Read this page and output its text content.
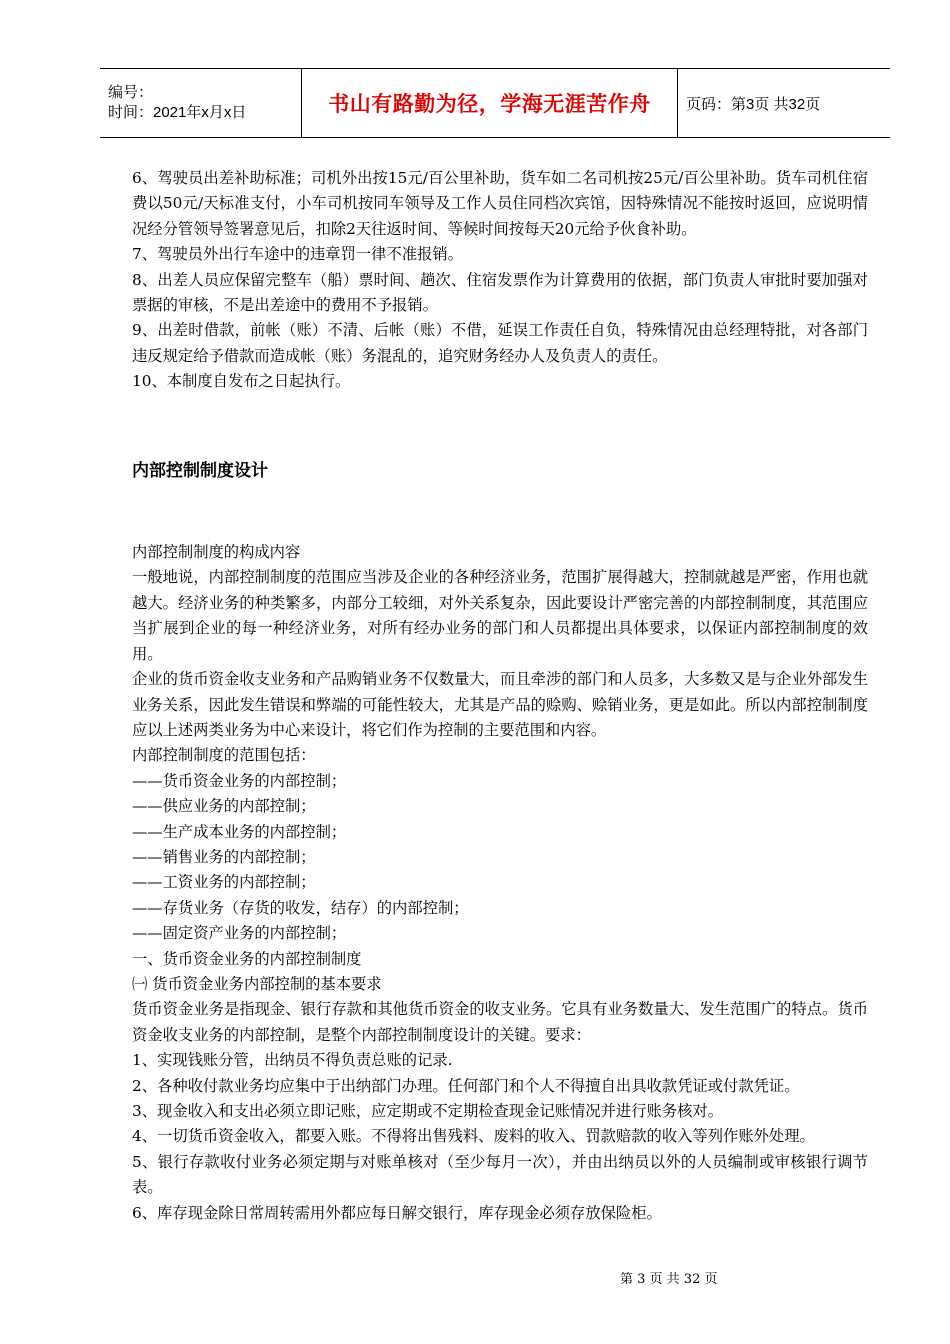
编号：
时间：2021年x月x日	书山有路勤为径，学海无涯苦作舟 页码：第3页 共32页

6、驾驶员出差补助标准；司机外出按15元/百公里补助，货车如二名司机按25元/百公里补助。货车司机住宿费以50元/天标准支付，小车司机按同车领导及工作人员住同档次宾馆，因特殊情况不能按时返回，应说明情况经分管领导签署意见后，扣除2天往返时间、等候时间按每天20元给予伙食补助。

7、驾驶员外出行车途中的违章罚一律不准报销。

8、出差人员应保留完整车（船）票时间、趟次、住宿发票作为计算费用的依据，部门负责人审批时要加强对票据的审核，不是出差途中的费用不予报销。

9、出差时借款，前帐（账）不清、后帐（账）不借，延误工作责任自负，特殊情况由总经理特批，对各部门违反规定给予借款而造成帐（账）务混乱的，追究财务经办人及负责人的责任。

10、本制度自发布之日起执行。

内部控制制度设计

内部控制制度的构成内容

一般地说，内部控制制度的范围应当涉及企业的各种经济业务，范围扩展得越大，控制就越是严密，作用也就越大。经济业务的种类繁多，内部分工较细，对外关系复杂，因此要设计严密完善的内部控制制度，其范围应当扩展到企业的每一种经济业务，对所有经办业务的部门和人员都提出具体要求，以保证内部控制制度的效用。

企业的货币资金收支业务和产品购销业务不仅数量大，而且牵涉的部门和人员多，大多数又是与企业外部发生业务关系，因此发生错误和弊端的可能性较大，尤其是产品的赊购、赊销业务，更是如此。所以内部控制制度应以上述两类业务为中心来设计，将它们作为控制的主要范围和内容。

内部控制制度的范围包括：

——货币资金业务的内部控制；

——供应业务的内部控制；

——生产成本业务的内部控制；

——销售业务的内部控制；

——工资业务的内部控制；

——存货业务（存货的收发，结存）的内部控制；

——固定资产业务的内部控制；

一、货币资金业务的内部控制制度

㈠ 货币资金业务内部控制的基本要求

货币资金业务是指现金、银行存款和其他货币资金的收支业务。它具有业务数量大、发生范围广的特点。货币资金收支业务的内部控制，是整个内部控制制度设计的关键。要求：

1、实现钱账分管，出纳员不得负责总账的记录.

2、各种收付款业务均应集中于出纳部门办理。任何部门和个人不得擅自出具收款凭证或付款凭证。

3、现金收入和支出必须立即记账，应定期或不定期检查现金记账情况并进行账务核对。

4、一切货币资金收入，都要入账。不得将出售残料、废料的收入、罚款赔款的收入等列作账外处理。

5、银行存款收付业务必须定期与对账单核对（至少每月一次），并由出纳员以外的人员编制或审核银行调节表。

6、库存现金除日常周转需用外都应每日解交银行，库存现金必须存放保险柜。

第 3 页 共 32 页
